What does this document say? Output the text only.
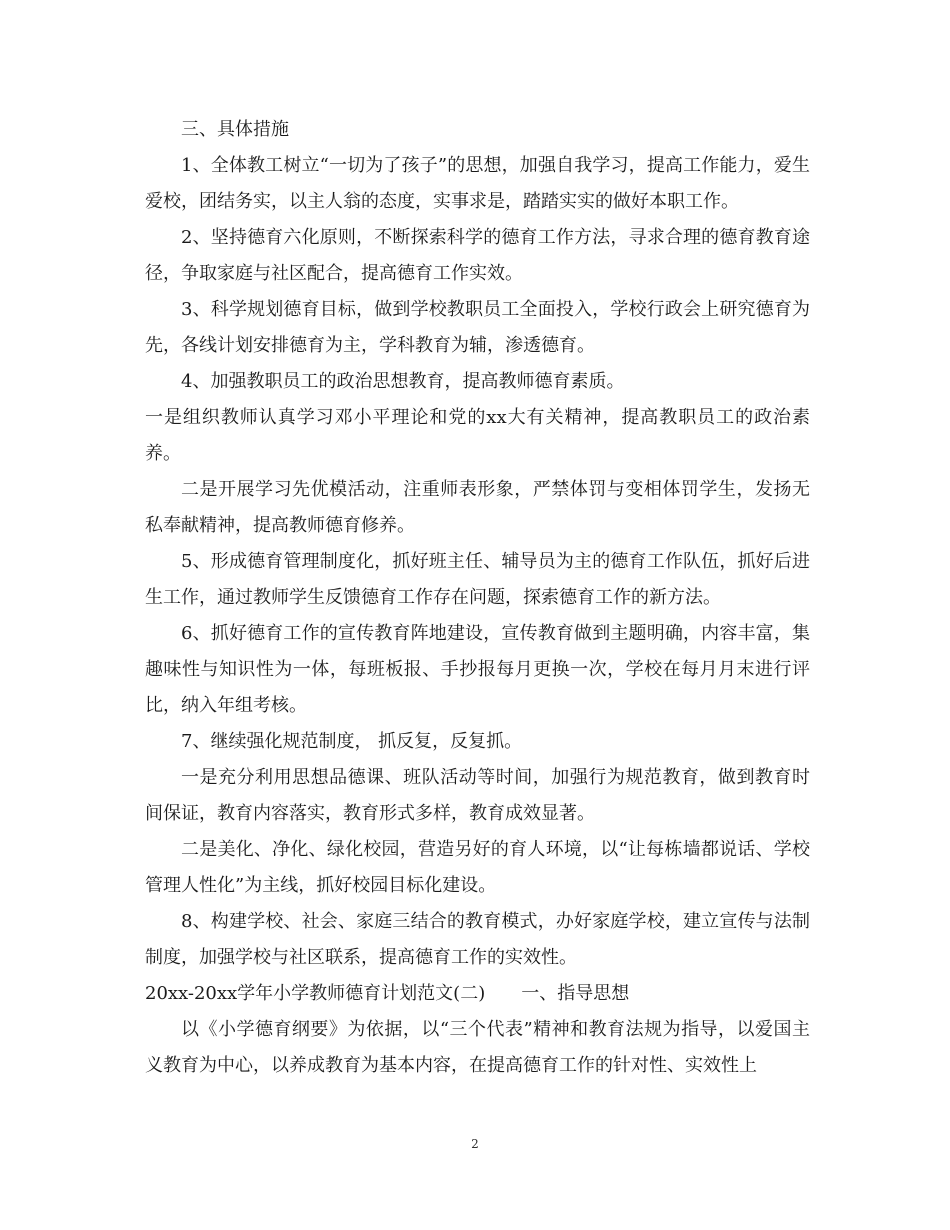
三、具体措施

1、全体教工树立“一切为了孩子”的思想，加强自我学习，提高工作能力，爱生爱校，团结务实，以主人翁的态度，实事求是，踏踏实实的做好本职工作。

2、坚持德育六化原则，不断探索科学的德育工作方法，寻求合理的德育教育途径，争取家庭与社区配合，提高德育工作实效。

3、科学规划德育目标，做到学校教职员工全面投入，学校行政会上研究德育为先，各线计划安排德育为主，学科教育为辅，渗透德育。

4、加强教职员工的政治思想教育，提高教师德育素质。

一是组织教师认真学习邓小平理论和党的xx大有关精神，提高教职员工的政治素养。

二是开展学习先优模活动，注重师表形象，严禁体罚与变相体罚学生，发扬无私奉献精神，提高教师德育修养。

5、形成德育管理制度化，抓好班主任、辅导员为主的德育工作队伍，抓好后进生工作，通过教师学生反馈德育工作存在问题，探索德育工作的新方法。

6、抓好德育工作的宣传教育阵地建设，宣传教育做到主题明确，内容丰富，集趣味性与知识性为一体，每班板报、手抄报每月更换一次，学校在每月月末进行评比，纳入年组考核。

7、继续强化规范制度， 抓反复，反复抓。

一是充分利用思想品德课、班队活动等时间，加强行为规范教育，做到教育时间保证，教育内容落实，教育形式多样，教育成效显著。

二是美化、净化、绿化校园，营造另好的育人环境，以“让每栋墙都说话、学校管理人性化”为主线，抓好校园目标化建设。

8、构建学校、社会、家庭三结合的教育模式，办好家庭学校，建立宣传与法制制度，加强学校与社区联系，提高德育工作的实效性。

20xx-20xx学年小学教师德育计划范文(二)　　一、指导思想

以《小学德育纲要》为依据，以“三个代表”精神和教育法规为指导，以爱国主义教育为中心，以养成教育为基本内容，在提高德育工作的针对性、实效性上

2
